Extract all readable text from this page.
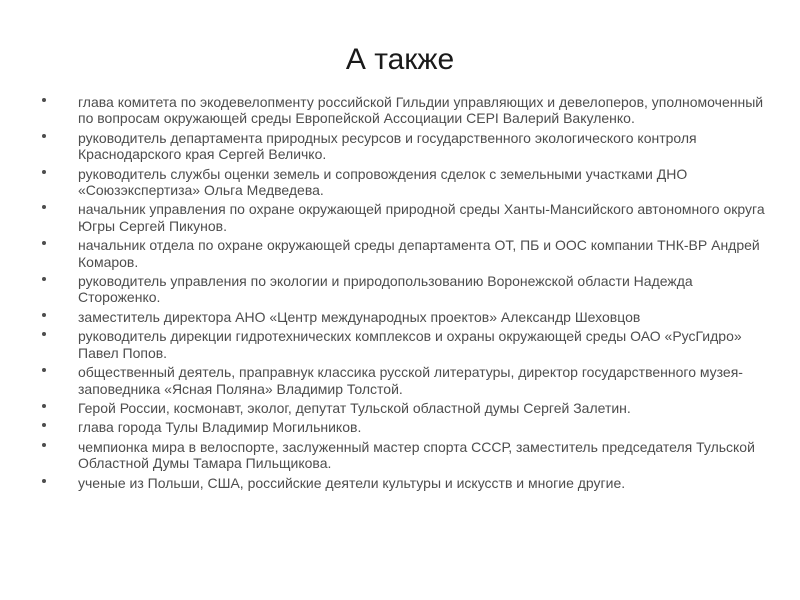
А также
глава комитета по экодевелопменту российской Гильдии управляющих и девелоперов, уполномоченный по вопросам окружающей среды Европейской Ассоциации CEPI Валерий Вакуленко.
руководитель департамента природных ресурсов и государственного экологического контроля Краснодарского края Сергей Величко.
руководитель службы оценки земель и сопровождения сделок с земельными участками ДНО «Союзэкспертиза» Ольга Медведева.
начальник управления по охране окружающей природной среды Ханты-Мансийского автономного округа Югры Сергей Пикунов.
начальник отдела по охране окружающей среды департамента ОТ, ПБ и ООС компании ТНК-ВР Андрей Комаров.
руководитель управления по экологии и природопользованию Воронежской области Надежда Стороженко.
заместитель директора АНО «Центр международных проектов» Александр Шеховцов
руководитель дирекции гидротехнических комплексов и охраны окружающей среды ОАО «РусГидро» Павел Попов.
общественный деятель, праправнук классика русской литературы, директор государственного музея-заповедника «Ясная Поляна» Владимир Толстой.
Герой России, космонавт, эколог, депутат Тульской областной думы Сергей Залетин.
глава города Тулы Владимир Могильников.
чемпионка мира в велоспорте, заслуженный мастер спорта СССР, заместитель председателя Тульской Областной Думы Тамара Пильщикова.
ученые из Польши, США, российские деятели культуры и искусств и многие другие.
